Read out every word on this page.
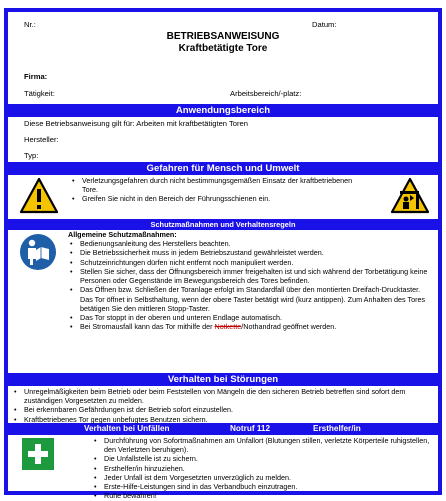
Nr.:	Datum:
BETRIEBSANWEISUNG
Kraftbetätigte Tore
Firma:
Tätigkeit:	Arbeitsbereich/-platz:
Anwendungsbereich
Diese Betriebsanweisung gilt für: Arbeiten mit kraftbetätigten Toren
Hersteller:
Typ:
Gefahren für Mensch und Umwelt
• Verletzungsgefahren durch nicht bestimmungsgemäßen Einsatz der kraftbetriebenen Tore.
• Greifen Sie nicht in den Bereich der Führungsschienen ein.
Schutzmaßnahmen und Verhaltensregeln
Allgemeine Schutzmaßnahmen:
• Bedienungsanleitung des Herstellers beachten.
• Die Betriebssicherheit muss in jedem Betriebszustand gewährleistet werden.
• Schutzeinrichtungen dürfen nicht entfernt noch manipuliert werden.
• Stellen Sie sicher, dass der Öffnungsbereich immer freigehalten ist und sich während der Torbetätigung keine Personen oder Gegenstände im Bewegungsbereich des Tores befinden.
• Das Öffnen bzw. Schließen der Toranlage erfolgt im Standardfall über den montierten Dreifach-Drucktaster. Das Tor öffnet in Selbsthaltung, wenn der obere Taster betätigt wird (kurz antippen). Zum Anhalten des Tores betätigen Sie den mittleren Stopp-Taster.
• Das Tor stoppt in der oberen und unteren Endlage automatisch.
• Bei Stromausfall kann das Tor mithilfe der Notkette/Nothandrad geöffnet werden.
Verhalten bei Störungen
• Unregelmäßigkeiten beim Betrieb oder beim Feststellen von Mängeln die den sicheren Betrieb betreffen sind sofort dem zuständigen Vorgesetzten zu melden.
• Bei erkennbaren Gefährdungen ist der Betrieb sofort einzustellen.
• Kraftbetriebenes Tor gegen unbefugtes Benutzen sichern.
Verhalten bei Unfällen	Notruf 112	Ersthelfer/in
• Durchführung von Sofortmaßnahmen am Unfallort (Blutungen stillen, verletzte Körperteile ruhigstellen, den Verletzten beruhigen).
• Die Unfallstelle ist zu sichern.
• Ersthelfer/in hinzuziehen.
• Jeder Unfall ist dem Vorgesetzten unverzüglich zu melden.
• Erste-Hilfe-Leistungen sind in das Verbandbuch einzutragen.
• Ruhe bewahren!
